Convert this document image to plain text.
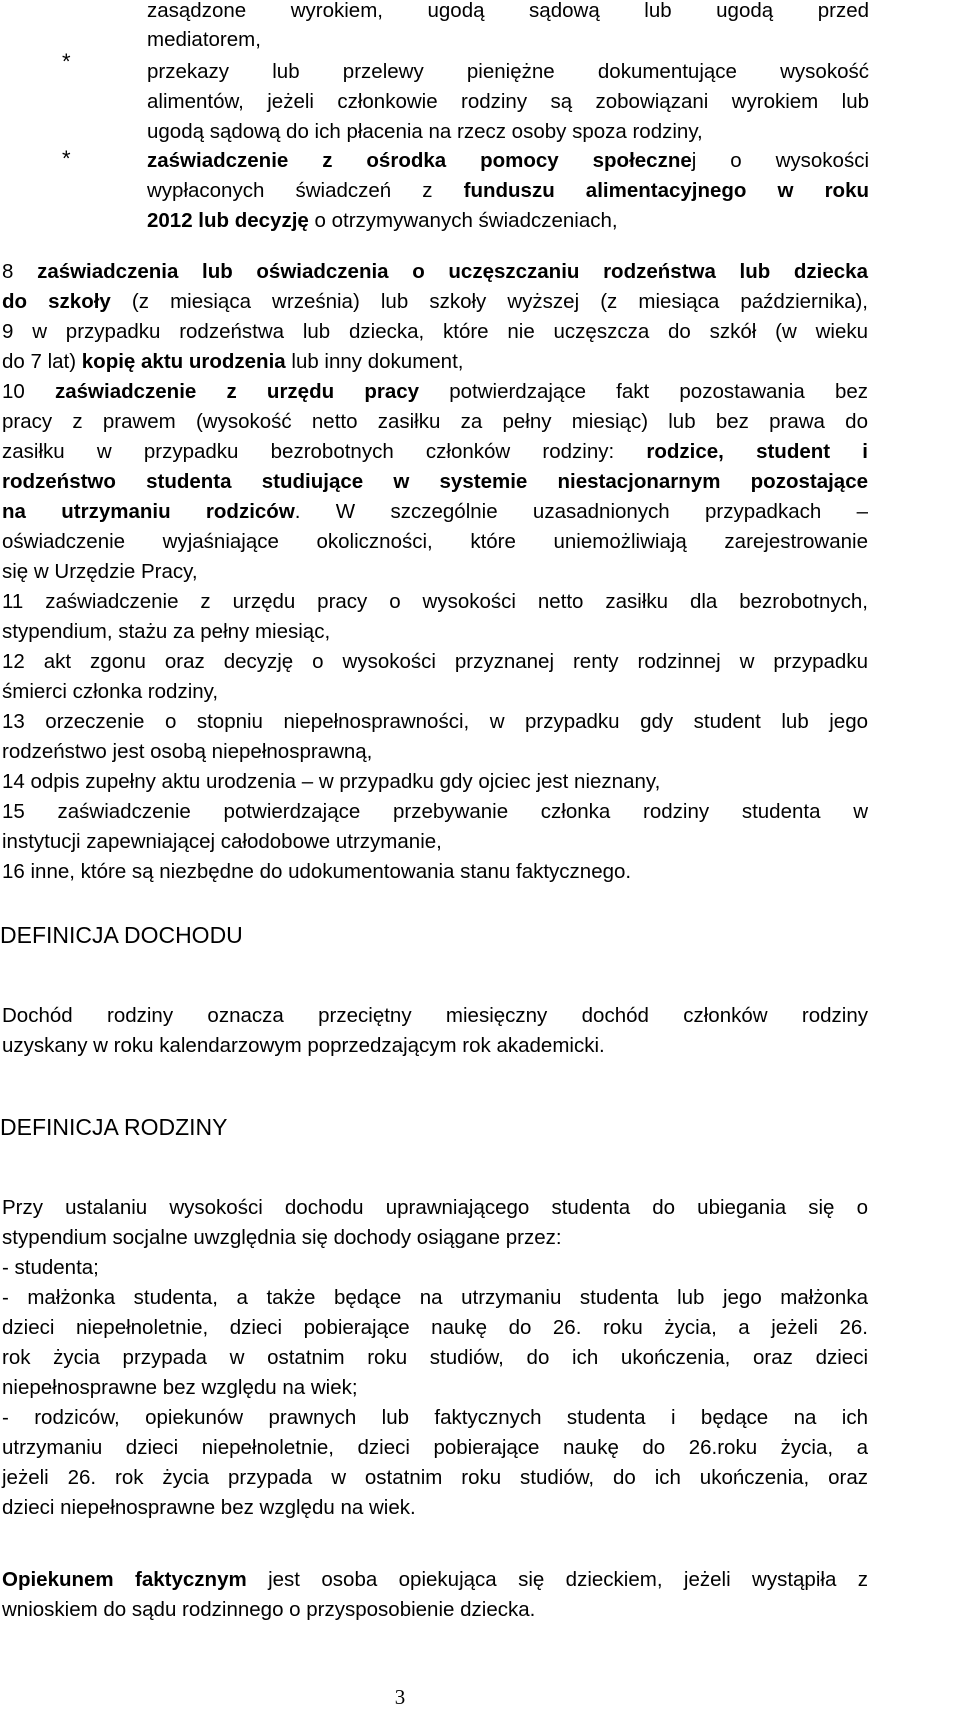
*
*
zasądzone wyrokiem, ugodą sądową lub ugodą przed
mediatorem,
przekazy lub przelewy pieniężne dokumentujące wysokość
alimentów, jeżeli członkowie rodziny są zobowiązani wyrokiem lub
ugodą sądową do ich płacenia na rzecz osoby spoza rodziny,
zaświadczenie z ośrodka pomocy społecznej o wysokości
wypłaconych świadczeń z funduszu alimentacyjnego w roku
2012 lub decyzję o otrzymywanych świadczeniach,
8 zaświadczenia lub oświadczenia o uczęszczaniu rodzeństwa lub dziecka
do szkoły (z miesiąca września) lub szkoły wyższej (z miesiąca października),
9 w przypadku rodzeństwa lub dziecka, które nie uczęszcza do szkół (w wieku
do 7 lat) kopię aktu urodzenia lub inny dokument,
10 zaświadczenie z urzędu pracy potwierdzające fakt pozostawania bez
pracy z prawem (wysokość netto zasiłku za pełny miesiąc) lub bez prawa do
zasiłku w przypadku bezrobotnych członków rodziny: rodzice, student i
rodzeństwo studenta studiujące w systemie niestacjonarnym pozostające
na utrzymaniu rodziców. W szczególnie uzasadnionych przypadkach –
oświadczenie wyjaśniające okoliczności, które uniemożliwiają zarejestrowanie
się w Urzędzie Pracy,
11 zaświadczenie z urzędu pracy o wysokości netto zasiłku dla bezrobotnych,
stypendium, stażu za pełny miesiąc,
12 akt zgonu oraz decyzję o wysokości przyznanej renty rodzinnej w przypadku
śmierci członka rodziny,
13 orzeczenie o stopniu niepełnosprawności, w przypadku gdy student lub jego
rodzeństwo jest osobą niepełnosprawną,
14 odpis zupełny aktu urodzenia – w przypadku gdy ojciec jest nieznany,
15 zaświadczenie potwierdzające przebywanie członka rodziny studenta w
instytucji zapewniającej całodobowe utrzymanie,
16 inne, które są niezbędne do udokumentowania stanu faktycznego.
DEFINICJA DOCHODU
Dochód rodziny oznacza przeciętny miesięczny dochód członków rodziny
uzyskany w roku kalendarzowym poprzedzającym rok akademicki.
DEFINICJA RODZINY
Przy ustalaniu wysokości dochodu uprawniającego studenta do ubiegania się o
stypendium socjalne uwzględnia się dochody osiągane przez:
- studenta;
- małżonka studenta, a także będące na utrzymaniu studenta lub jego małżonka
dzieci niepełnoletnie, dzieci pobierające naukę do 26. roku życia, a jeżeli 26.
rok życia przypada w ostatnim roku studiów, do ich ukończenia, oraz dzieci
niepełnosprawne bez względu na wiek;
- rodziców, opiekunów prawnych lub faktycznych studenta i będące na ich
utrzymaniu dzieci niepełnoletnie, dzieci pobierające naukę do 26.roku życia, a
jeżeli 26. rok życia przypada w ostatnim roku studiów, do ich ukończenia, oraz
dzieci niepełnosprawne bez względu na wiek.
Opiekunem faktycznym jest osoba opiekująca się dzieckiem, jeżeli wystąpiła z
wnioskiem do sądu rodzinnego o przysposobienie dziecka.
3
